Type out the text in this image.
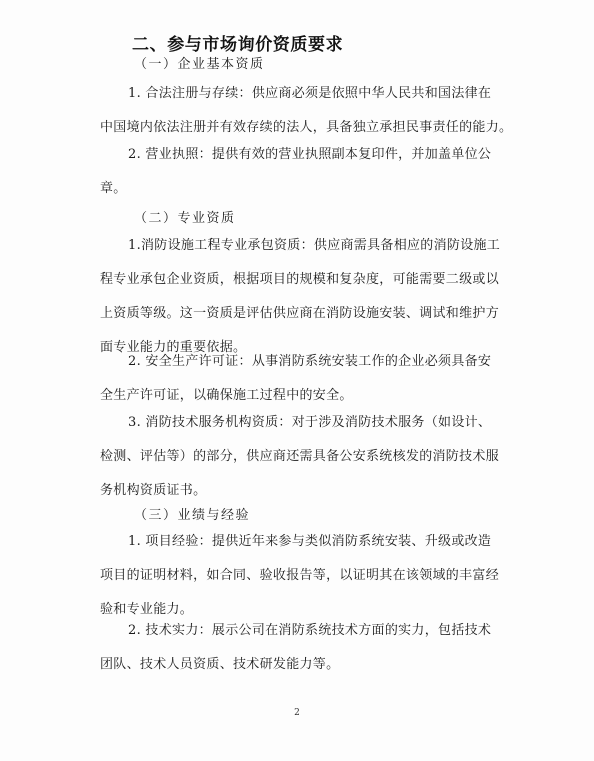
二、参与市场询价资质要求
（一）企业基本资质
1. 合法注册与存续：供应商必须是依照中华人民共和国法律在
中国境内依法注册并有效存续的法人，具备独立承担民事责任的能力。
2. 营业执照：提供有效的营业执照副本复印件，并加盖单位公
章。
（二）专业资质
1.消防设施工程专业承包资质：供应商需具备相应的消防设施工
程专业承包企业资质，根据项目的规模和复杂度，可能需要二级或以
上资质等级。这一资质是评估供应商在消防设施安装、调试和维护方
面专业能力的重要依据。
2. 安全生产许可证：从事消防系统安装工作的企业必须具备安
全生产许可证，以确保施工过程中的安全。
3. 消防技术服务机构资质：对于涉及消防技术服务（如设计、
检测、评估等）的部分，供应商还需具备公安系统核发的消防技术服
务机构资质证书。
（三）业绩与经验
1. 项目经验：提供近年来参与类似消防系统安装、升级或改造
项目的证明材料，如合同、验收报告等，以证明其在该领域的丰富经
验和专业能力。
2. 技术实力：展示公司在消防系统技术方面的实力，包括技术
团队、技术人员资质、技术研发能力等。
2
